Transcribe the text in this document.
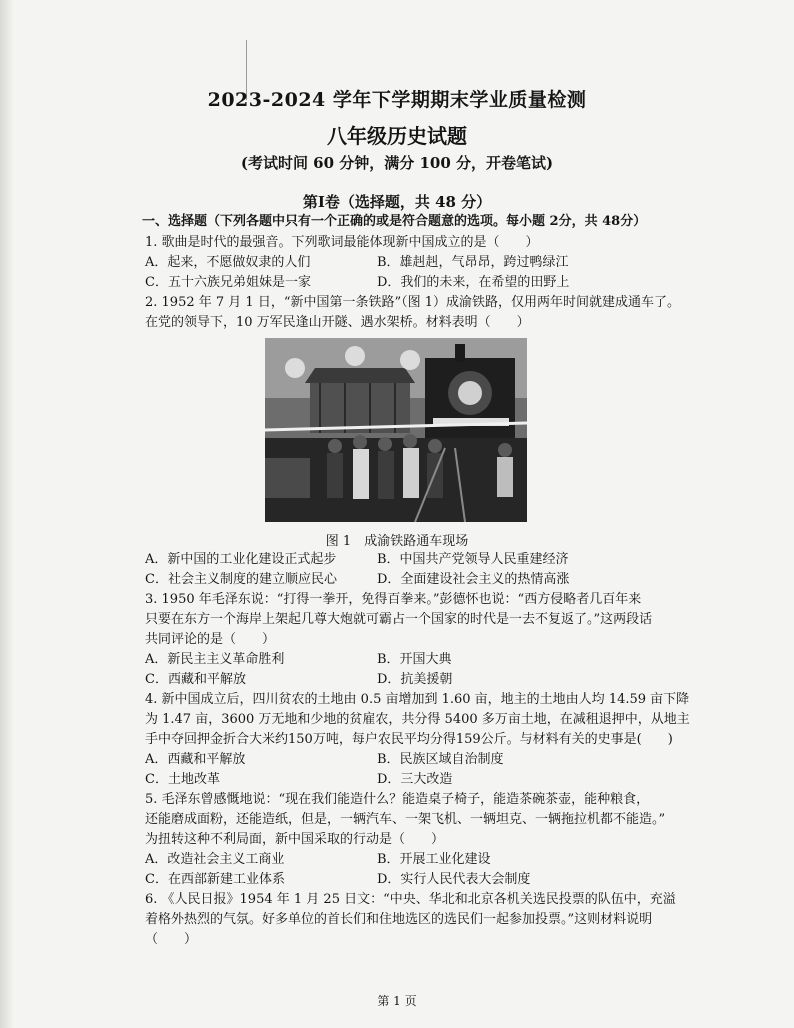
2023-2024 学年下学期期末学业质量检测
八年级历史试题
(考试时间 60 分钟，满分 100 分，开卷笔试)
第Ⅰ卷（选择题，共 48 分）
一、选择题（下列各题中只有一个正确的或是符合题意的选项。每小题 2分，共 48分）
1. 歌曲是时代的最强音。下列歌词最能体现新中国成立的是（　　）
A．起来，不愿做奴隶的人们	B．雄赳赳，气昂昂，跨过鸭绿江
C．五十六族兄弟姐妹是一家	D．我们的未来，在希望的田野上
2. 1952 年 7 月 1 日，“新中国第一条铁路”（图 1）成渝铁路，仅用两年时间就建成通车了。
在党的领导下，10 万军民逢山开隧、遇水架桥。材料表明（　　）
图 1　成渝铁路通车现场
A．新中国的工业化建设正式起步	B．中国共产党领导人民重建经济
C．社会主义制度的建立顺应民心	D．全面建设社会主义的热情高涨
3. 1950 年毛泽东说：“打得一拳开，免得百拳来。”彭德怀也说：“西方侵略者几百年来
只要在东方一个海岸上架起几尊大炮就可霸占一个国家的时代是一去不复返了。”这两段话
共同评论的是（　　）
A．新民主主义革命胜利	B．开国大典
C．西藏和平解放	D．抗美援朝
4. 新中国成立后，四川贫农的土地由 0.5 亩增加到 1.60 亩，地主的土地由人均 14.59 亩下降
为 1.47 亩，3600 万无地和少地的贫雇农，共分得 5400 多万亩土地，在减租退押中，从地主
手中夺回押金折合大米约150万吨，每户农民平均分得159公斤。与材料有关的史事是(　　)
A．西藏和平解放	B．民族区域自治制度
C．土地改革	D．三大改造
5. 毛泽东曾感慨地说：“现在我们能造什么？能造桌子椅子，能造茶碗茶壶，能种粮食，
还能磨成面粉，还能造纸，但是，一辆汽车、一架飞机、一辆坦克、一辆拖拉机都不能造。”
为扭转这种不利局面，新中国采取的行动是（　　）
A．改造社会主义工商业	B．开展工业化建设
C．在西部新建工业体系	D．实行人民代表大会制度
6. 《人民日报》1954 年 1 月 25 日文：“中央、华北和北京各机关选民投票的队伍中，充溢
着格外热烈的气氛。好多单位的首长们和住地选区的选民们一起参加投票。”这则材料说明
（　　）
第 1 页
